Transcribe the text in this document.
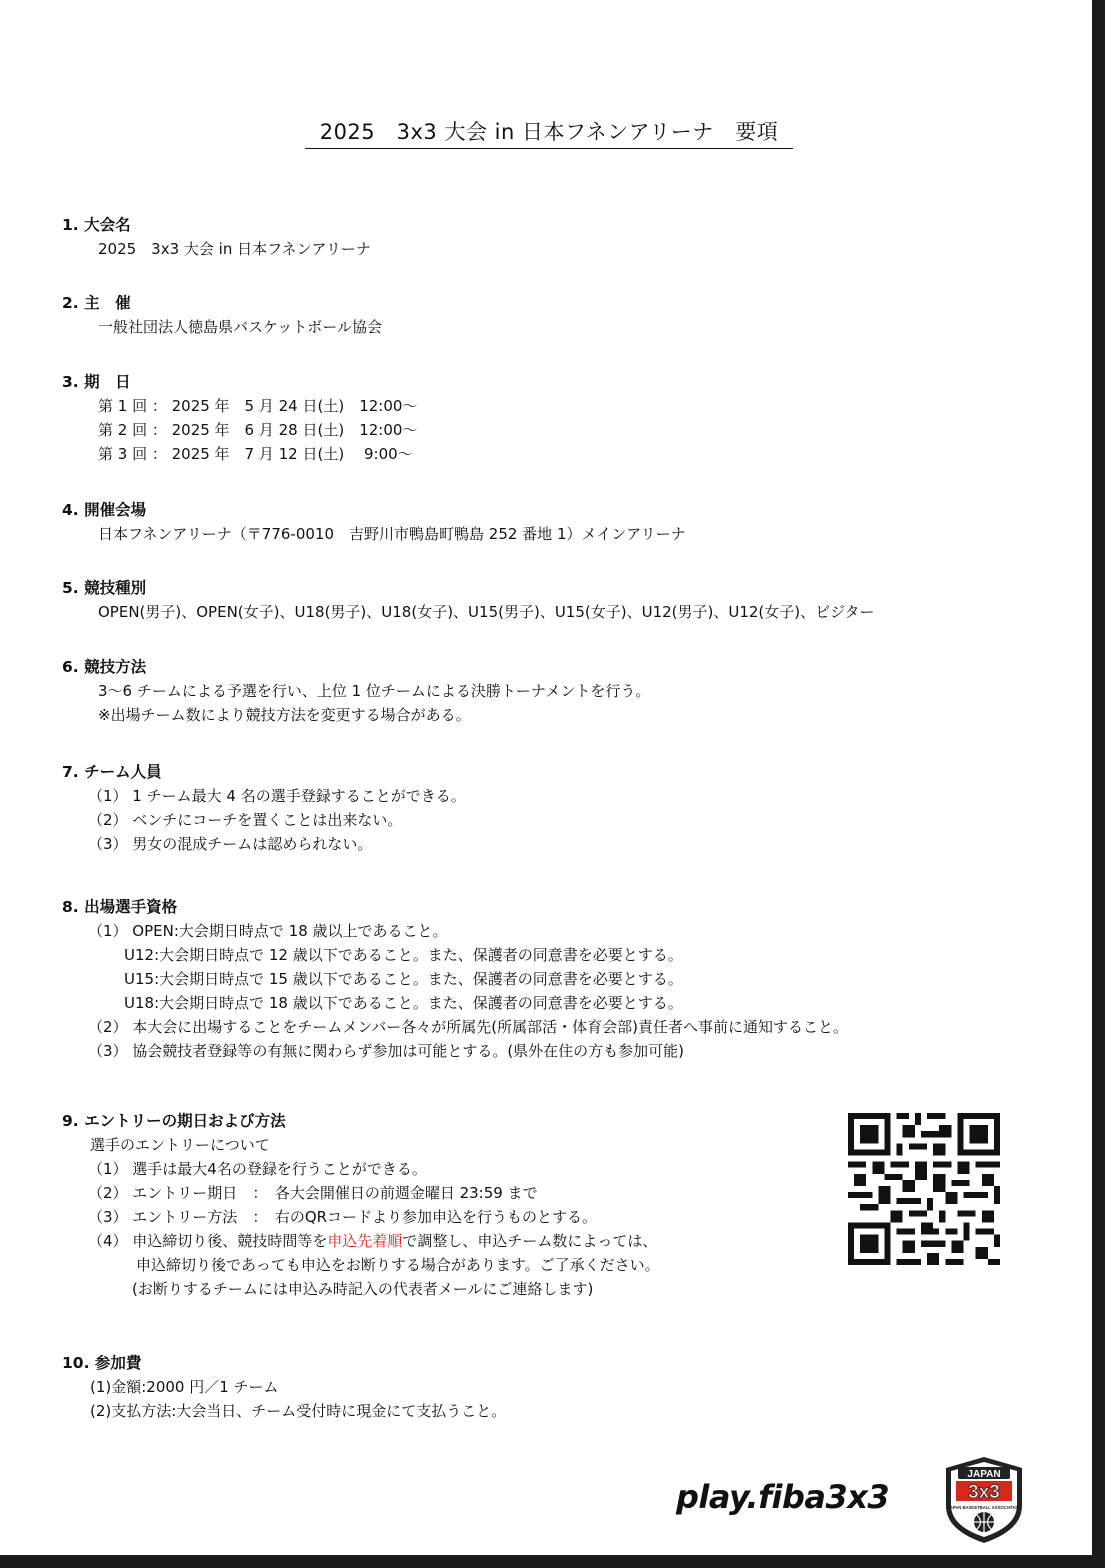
2025　3x3 大会 in 日本フネンアリーナ　要項
1. 大会名
2025　3x3 大会 in 日本フネンアリーナ
2. 主　催
一般社団法人徳島県バスケットボール協会
3. 期　日
第 1 回 ： 2025 年　5 月 24 日(土)　12:00～
第 2 回 ： 2025 年　6 月 28 日(土)　12:00～
第 3 回 ： 2025 年　7 月 12 日(土)　 9:00～
4. 開催会場
日本フネンアリーナ（〒776-0010　吉野川市鴨島町鴨島 252 番地 1）メインアリーナ
5. 競技種別
OPEN(男子)、OPEN(女子)、U18(男子)、U18(女子)、U15(男子)、U15(女子)、U12(男子)、U12(女子)、ビジター
6. 競技方法
3～6 チームによる予選を行い、上位 1 位チームによる決勝トーナメントを行う。
※出場チーム数により競技方法を変更する場合がある。
7. チーム人員
（1） 1 チーム最大 4 名の選手登録することができる。
（2） ベンチにコーチを置くことは出来ない。
（3） 男女の混成チームは認められない。
8. 出場選手資格
（1） OPEN:大会期日時点で 18 歳以上であること。
U12:大会期日時点で 12 歳以下であること。また、保護者の同意書を必要とする。
U15:大会期日時点で 15 歳以下であること。また、保護者の同意書を必要とする。
U18:大会期日時点で 18 歳以下であること。また、保護者の同意書を必要とする。
（2） 本大会に出場することをチームメンバー各々が所属先(所属部活・体育会部)責任者へ事前に通知すること。
（3） 協会競技者登録等の有無に関わらず参加は可能とする。(県外在住の方も参加可能)
9. エントリーの期日および方法
選手のエントリーについて
（1） 選手は最大4名の登録を行うことができる。
（2） エントリー期日　：　各大会開催日の前週金曜日 23:59 まで
（3） エントリー方法　：　右のQRコードより参加申込を行うものとする。
（4） 申込締切り後、競技時間等を申込先着順で調整し、申込チーム数によっては、
申込締切り後であっても申込をお断りする場合があります。ご了承ください。
(お断りするチームには申込み時記入の代表者メールにご連絡します)
10. 参加費
(1)金額:2000 円／1 チーム
(2)支払方法:大会当日、チーム受付時に現金にて支払うこと。
play.fiba3x3
JAPAN
3x3
JAPAN BASKETBALL ASSOCIATION
